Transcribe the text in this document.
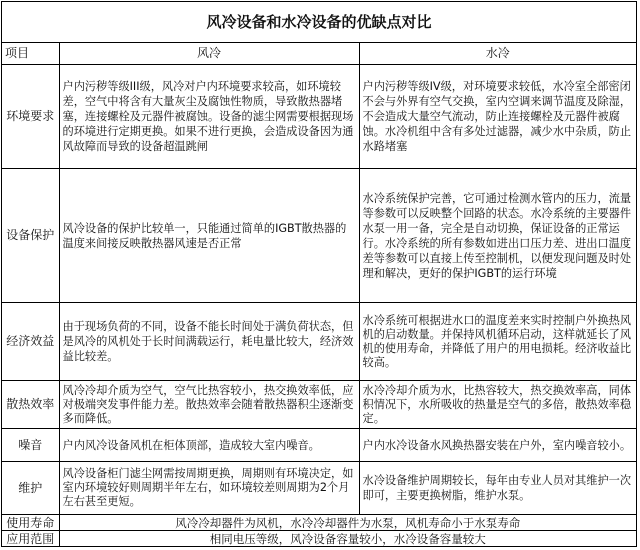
风冷设备和水冷设备的优缺点对比
项目	风冷	水冷
环境要求	户内污秽等级III级，风冷对户内环境要求较高，如环境较差，空气中将含有大量灰尘及腐蚀性物质，导致散热器堵塞，连接螺栓及元器件被腐蚀。设备的滤尘网需要根据现场的环境进行定期更换。如果不进行更换，会造成设备因为通风故障而导致的设备超温跳闸	户内污秽等级IV级，对环境要求较低，水冷室全部密闭不会与外界有空气交换，室内空调来调节温度及除湿，不会造成大量空气流动，防止连接螺栓及元器件被腐蚀。水冷机组中含有多处过滤器，减少水中杂质，防止水路堵塞
设备保护	风冷设备的保护比较单一，只能通过简单的IGBT散热器的温度来间接反映散热器风速是否正常	水冷系统保护完善，它可通过检测水管内的压力，流量等参数可以反映整个回路的状态。水冷系统的主要器件水泵一用一备，完全是自动切换，保证设备的正常运行。水冷系统的所有参数如进出口压力差、进出口温度差等参数可以直接上传至控制机，以便发现问题及时处理和解决，更好的保护IGBT的运行环境
经济效益	由于现场负荷的不同，设备不能长时间处于满负荷状态，但是风冷的风机处于长时间满载运行，耗电量比较大，经济效益比较差。	水冷系统可根据进水口的温度差来实时控制户外换热风机的启动数量。并保持风机循环启动，这样就延长了风机的使用寿命，并降低了用户的用电损耗。经济收益比较高。
散热效率	风冷冷却介质为空气，空气比热容较小，热交换效率低，应对极端突发事件能力差。散热效率会随着散热器积尘逐渐变多而降低。	水冷冷却介质为水，比热容较大，热交换效率高，同体积情况下，水所吸收的热量是空气的多倍，散热效率稳定。
噪音	户内风冷设备风机在柜体顶部，造成较大室内噪音。	户内水冷设备水风换热器安装在户外，室内噪音较小。
维护	风冷设备柜门滤尘网需按周期更换，周期则有环境决定，如室内环境较好则周期半年左右，如环境较差则周期为2个月左右甚至更短。	水冷设备维护周期较长，每年由专业人员对其维护一次即可，主要更换树脂，维护水泵。
使用寿命	风冷冷却器件为风机，水冷冷却器件为水泵，风机寿命小于水泵寿命	
应用范围	相同电压等级，风冷设备容量较小，水冷设备容量较大	
